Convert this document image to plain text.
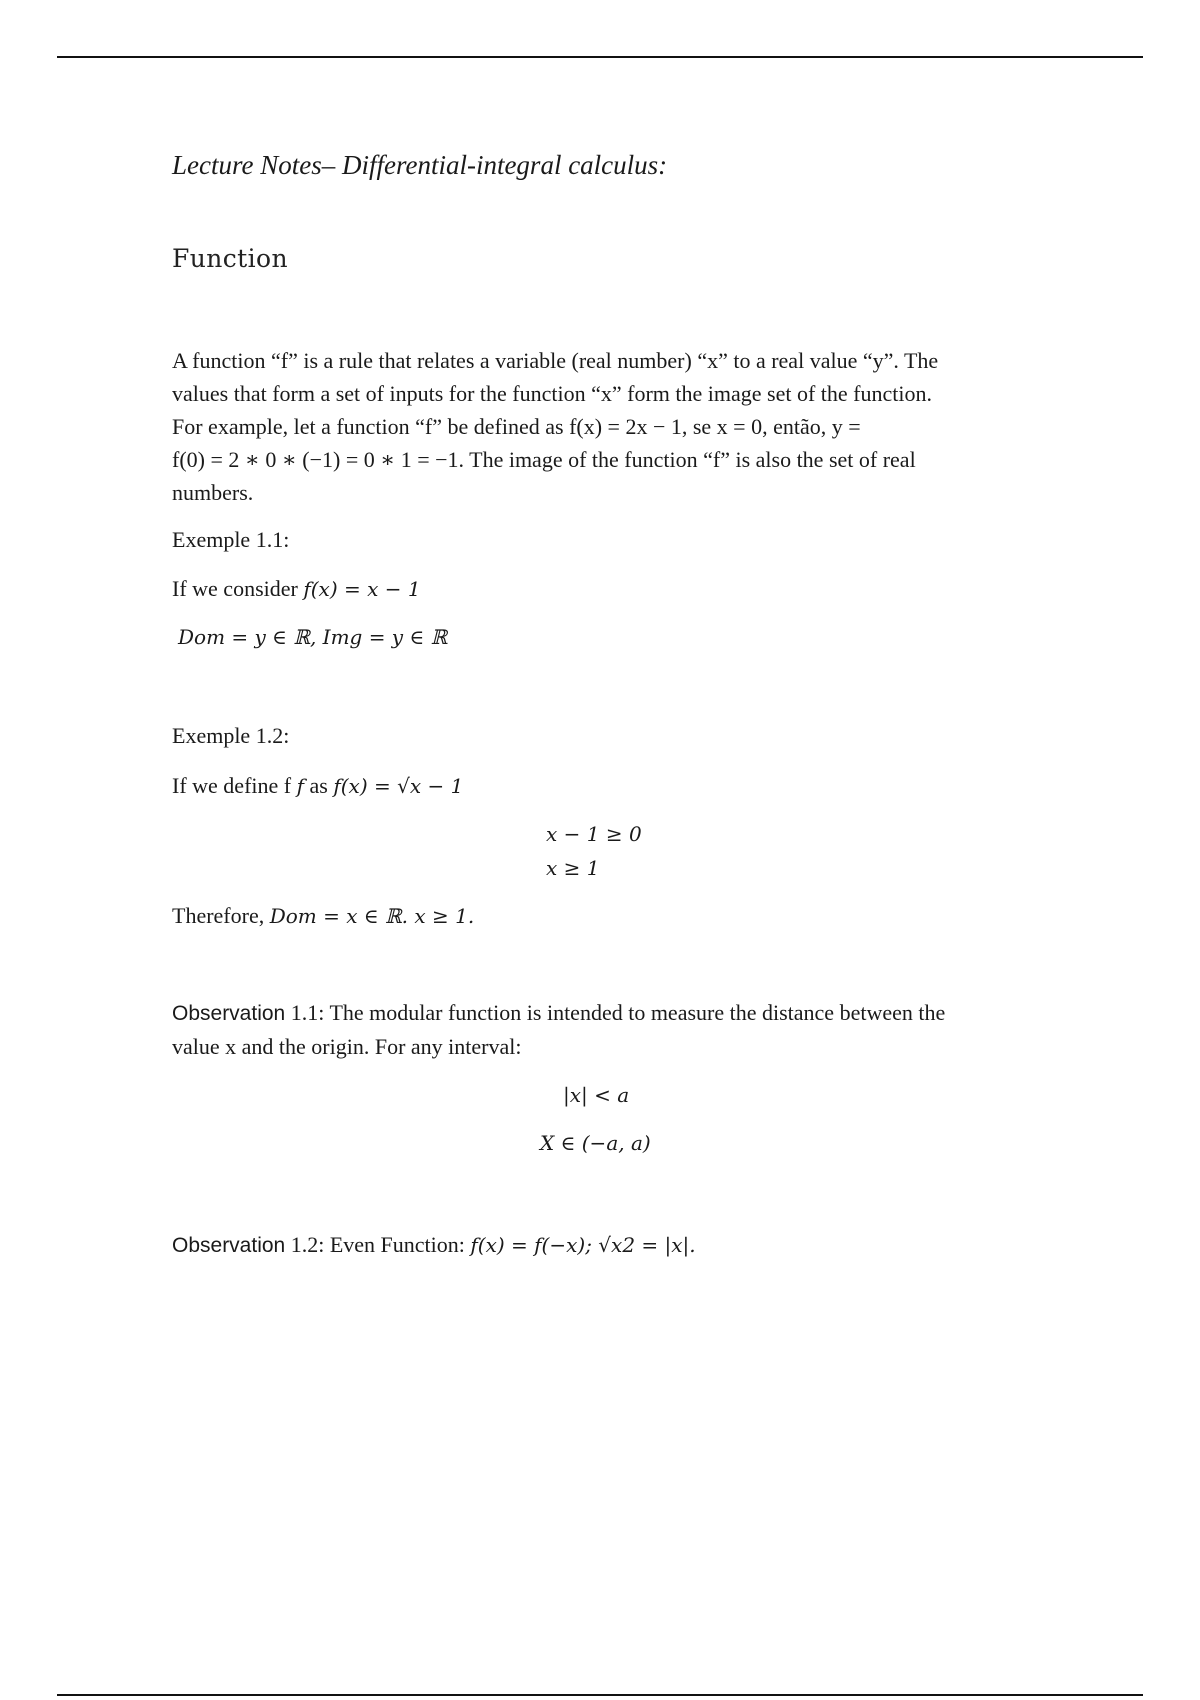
Lecture Notes– Differential-integral calculus:
Function
A function “f” is a rule that relates a variable (real number) “x” to a real value “y”. The
values that form a set of inputs for the function “x” form the image set of the function.
For example, let a function “f” be defined as f(x) = 2x − 1, se x = 0, então, y =
f(0) = 2 ∗ 0 ∗ (−1) = 0 ∗ 1 = −1. The image of the function “f” is also the set of real
numbers.
Exemple 1.1:
If we consider f(x) = x − 1
Dom = y ∈ ℝ, Img = y ∈ ℝ
Exemple 1.2:
If we define f f as f(x) = √x − 1
x − 1 ≥ 0
x ≥ 1
Therefore, Dom = x ∈ ℝ. x ≥ 1.
Observation 1.1: The modular function is intended to measure the distance between the
value x and the origin. For any interval:
|x| < a
X ∈ (−a, a)
Observation 1.2: Even Function: f(x) = f(−x); √x2 = |x|.
